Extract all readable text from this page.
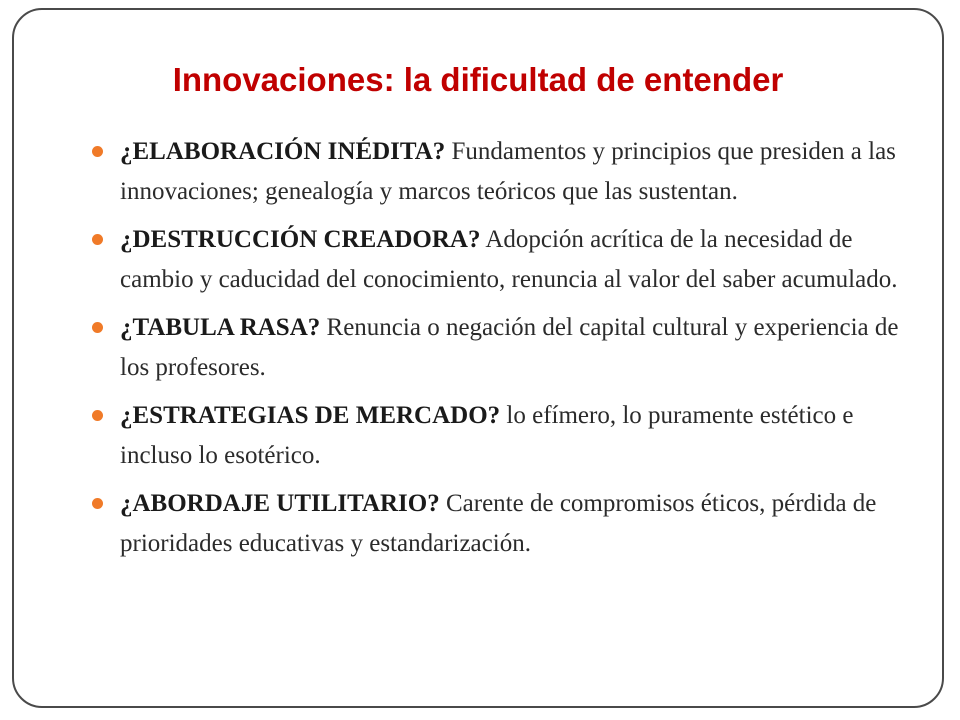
Innovaciones: la dificultad de entender
¿ELABORACIÓN INÉDITA? Fundamentos y principios que presiden a las innovaciones; genealogía y marcos teóricos que las sustentan.
¿DESTRUCCIÓN CREADORA? Adopción acrítica de la necesidad de cambio y caducidad del conocimiento, renuncia al valor del saber acumulado.
¿TABULA RASA? Renuncia o negación del capital cultural y experiencia de los profesores.
¿ESTRATEGIAS DE MERCADO? lo efímero, lo puramente estético e incluso lo esotérico.
¿ABORDAJE UTILITARIO? Carente de compromisos éticos, pérdida de prioridades educativas y estandarización.
